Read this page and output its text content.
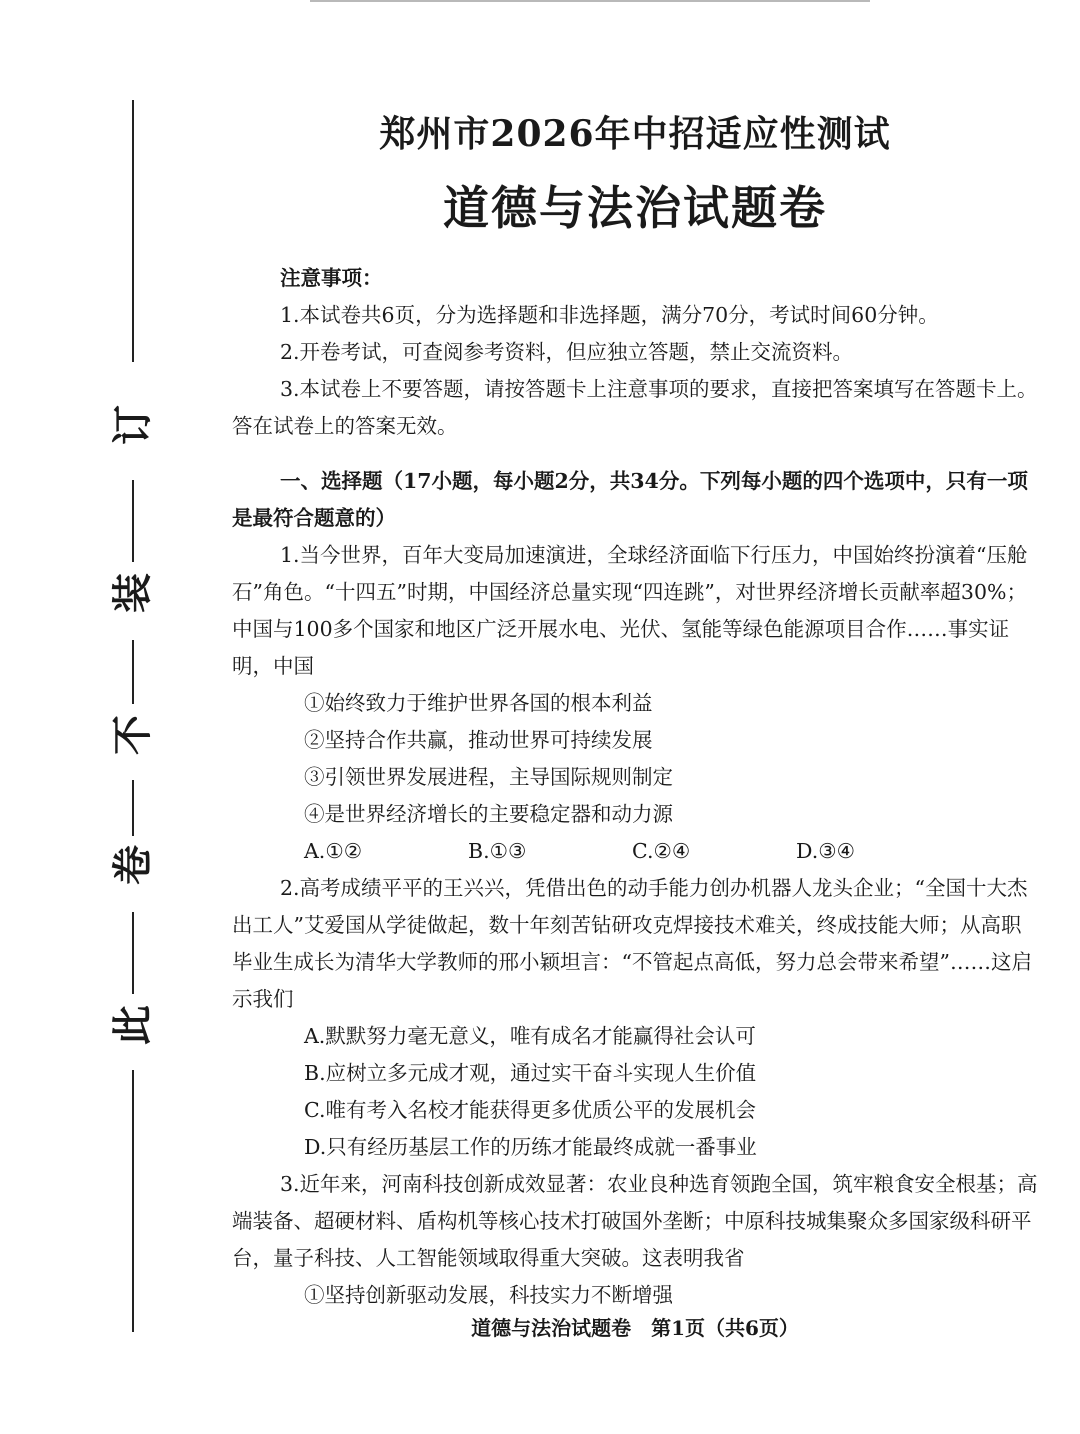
订
装
不
卷
此
郑州市2026年中招适应性测试
道德与法治试题卷

注意事项：

1.本试卷共6页，分为选择题和非选择题，满分70分，考试时间60分钟。

2.开卷考试，可查阅参考资料，但应独立答题，禁止交流资料。

3.本试卷上不要答题，请按答题卡上注意事项的要求，直接把答案填写在答题卡上。答在试卷上的答案无效。

一、选择题（17小题，每小题2分，共34分。下列每小题的四个选项中，只有一项是最符合题意的）

1.当今世界，百年大变局加速演进，全球经济面临下行压力，中国始终扮演着“压舱石”角色。“十四五”时期，中国经济总量实现“四连跳”，对世界经济增长贡献率超30%；中国与100多个国家和地区广泛开展水电、光伏、氢能等绿色能源项目合作……事实证明，中国

①始终致力于维护世界各国的根本利益

②坚持合作共赢，推动世界可持续发展

③引领世界发展进程，主导国际规则制定

④是世界经济增长的主要稳定器和动力源

A.①②	B.①③	C.②④	D.③④

2.高考成绩平平的王兴兴，凭借出色的动手能力创办机器人龙头企业；“全国十大杰出工人”艾爱国从学徒做起，数十年刻苦钻研攻克焊接技术难关，终成技能大师；从高职毕业生成长为清华大学教师的邢小颖坦言：“不管起点高低，努力总会带来希望”……这启示我们

A.默默努力毫无意义，唯有成名才能赢得社会认可

B.应树立多元成才观，通过实干奋斗实现人生价值

C.唯有考入名校才能获得更多优质公平的发展机会

D.只有经历基层工作的历练才能最终成就一番事业

3.近年来，河南科技创新成效显著：农业良种选育领跑全国，筑牢粮食安全根基；高端装备、超硬材料、盾构机等核心技术打破国外垄断；中原科技城集聚众多国家级科研平台，量子科技、人工智能领域取得重大突破。这表明我省

①坚持创新驱动发展，科技实力不断增强

道德与法治试题卷　第1页（共6页）
